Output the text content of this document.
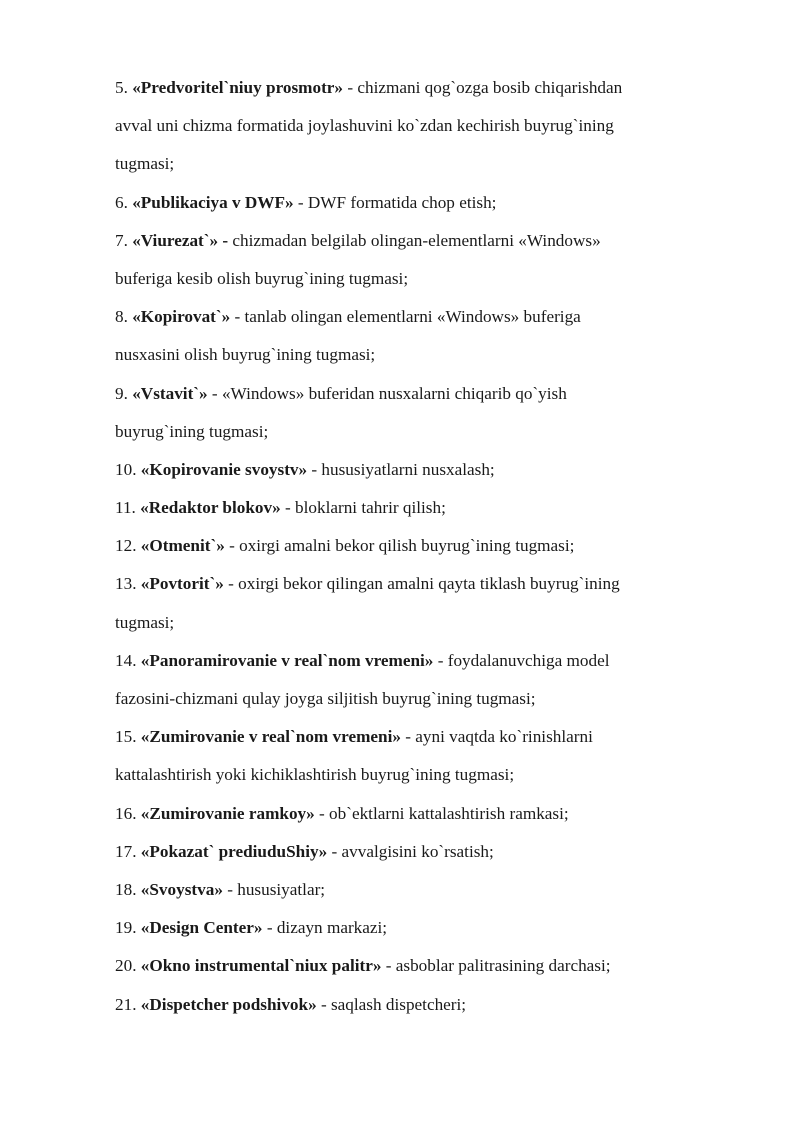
5. «Predvoritel`niuy prosmotr» - chizmani qog`ozga bosib chiqarishdan
avval uni chizma formatida joylashuvini ko`zdan kechirish buyrug`ining
tugmasi;
6. «Publikaciya v DWF» - DWF formatida chop etish;
7. «Viurezat`» - chizmadan belgilab olingan-elementlarni «Windows»
buferiga kesib olish buyrug`ining tugmasi;
8. «Kopirovat`» - tanlab olingan elementlarni «Windows» buferiga
nusxasini olish buyrug`ining tugmasi;
9. «Vstavit`» - «Windows» buferidan nusxalarni chiqarib qo`yish
buyrug`ining tugmasi;
10. «Kopirovanie svoystv» - hususiyatlarni nusxalash;
11. «Redaktor blokov» - bloklarni tahrir qilish;
12. «Otmenit`» - oxirgi amalni bekor qilish buyrug`ining tugmasi;
13. «Povtorit`» - oxirgi bekor qilingan amalni qayta tiklash buyrug`ining
tugmasi;
14. «Panoramirovanie v real`nom vremeni» - foydalanuvchiga model
fazosini-chizmani qulay joyga siljitish buyrug`ining tugmasi;
15. «Zumirovanie v real`nom vremeni» - ayni vaqtda ko`rinishlarni
kattalashtirish yoki kichiklashtirish buyrug`ining tugmasi;
16. «Zumirovanie ramkoy» - ob`ektlarni kattalashtirish ramkasi;
17. «Pokazat` prediuduShiy» - avvalgisini ko`rsatish;
18. «Svoystva» - hususiyatlar;
19. «Design Center» - dizayn markazi;
20. «Okno instrumental`niux palitr» - asboblar palitrasining darchasi;
21. «Dispetcher podshivok» - saqlash dispetcheri;
